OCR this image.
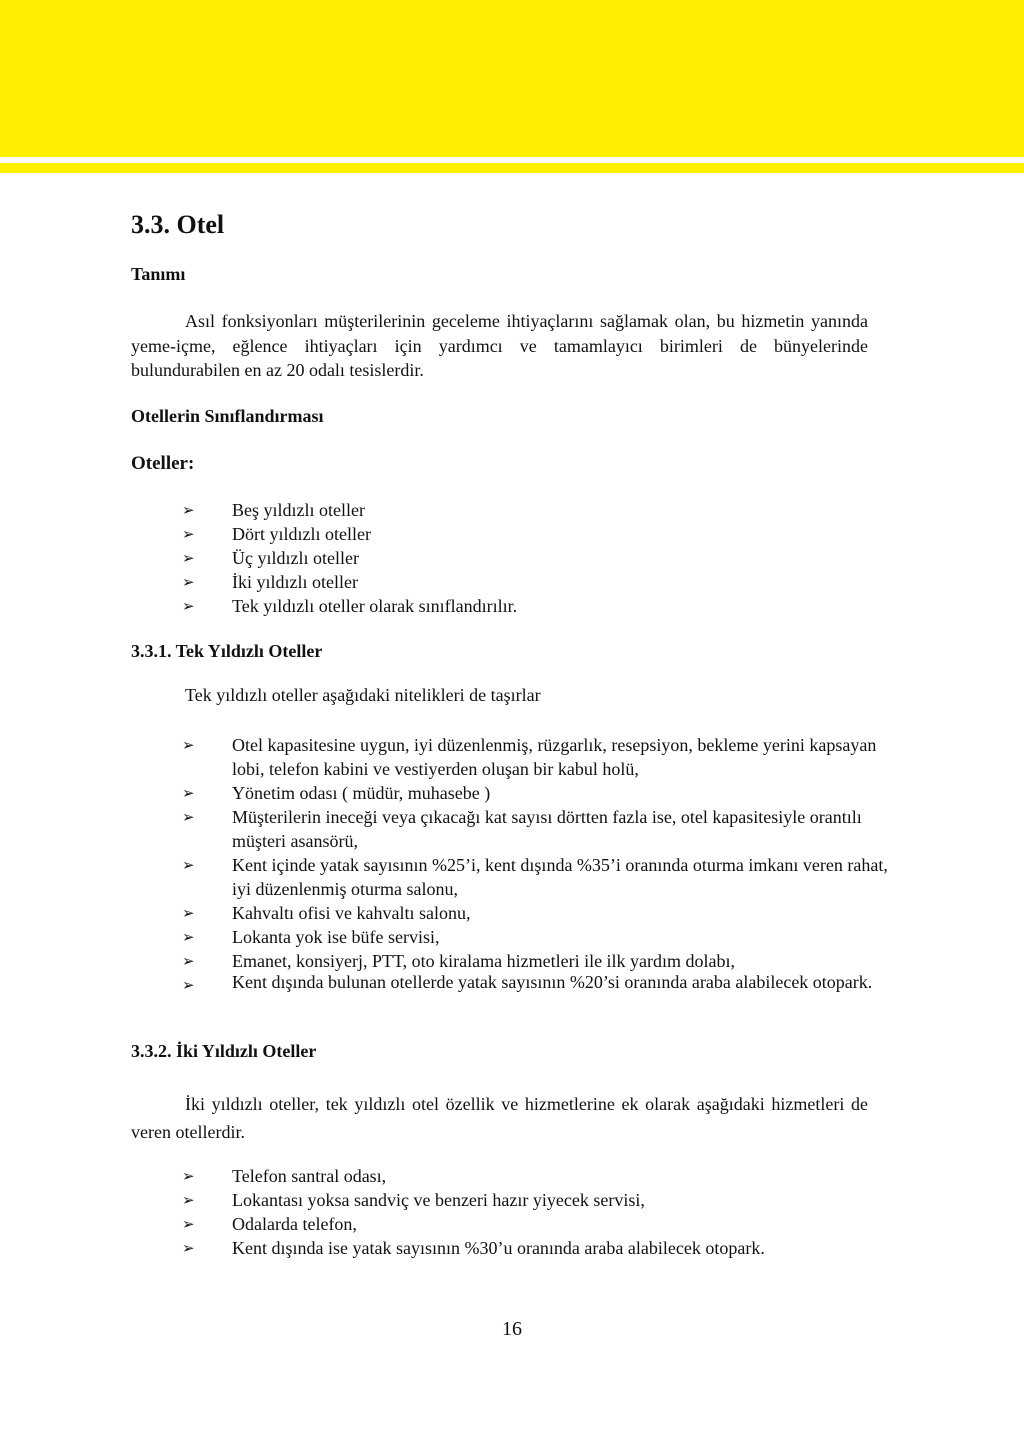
3.3. Otel
Tanımı

Asıl fonksiyonları müşterilerinin geceleme ihtiyaçlarını sağlamak olan, bu hizmetin yanında yeme-içme, eğlence ihtiyaçları için yardımcı ve tamamlayıcı birimleri de bünyelerinde bulundurabilen en az 20 odalı tesislerdir.

Otellerin Sınıflandırması
Oteller:
➢	Beş yıldızlı oteller
➢	Dört yıldızlı oteller
➢	Üç yıldızlı oteller
➢	İki yıldızlı oteller
➢	Tek yıldızlı oteller olarak sınıflandırılır.
3.3.1. Tek Yıldızlı Oteller

Tek yıldızlı oteller aşağıdaki nitelikleri de taşırlar

➢	Otel kapasitesine uygun, iyi düzenlenmiş, rüzgarlık, resepsiyon, bekleme yerini kapsayan lobi, telefon kabini ve vestiyerden oluşan bir kabul holü,
➢	Yönetim odası ( müdür, muhasebe )
➢	Müşterilerin ineceği veya çıkacağı kat sayısı dörtten fazla ise, otel kapasitesiyle orantılı müşteri asansörü,
➢	Kent içinde yatak sayısının %25’i, kent dışında %35’i oranında oturma imkanı veren rahat, iyi düzenlenmiş oturma salonu,
➢	Kahvaltı ofisi ve kahvaltı salonu,
➢	Lokanta yok ise büfe servisi,
➢	Emanet, konsiyerj, PTT, oto kiralama hizmetleri ile ilk yardım dolabı,
➢	Kent dışında bulunan otellerde yatak sayısının %20’si oranında araba alabilecek otopark.
3.3.2. İki Yıldızlı Oteller

İki yıldızlı oteller, tek yıldızlı otel özellik ve hizmetlerine ek olarak aşağıdaki hizmetleri de veren otellerdir.

➢	Telefon santral odası,
➢	Lokantası yoksa sandviç ve benzeri hazır yiyecek servisi,
➢	Odalarda telefon,
➢	Kent dışında ise yatak sayısının %30’u oranında araba alabilecek otopark.
16
